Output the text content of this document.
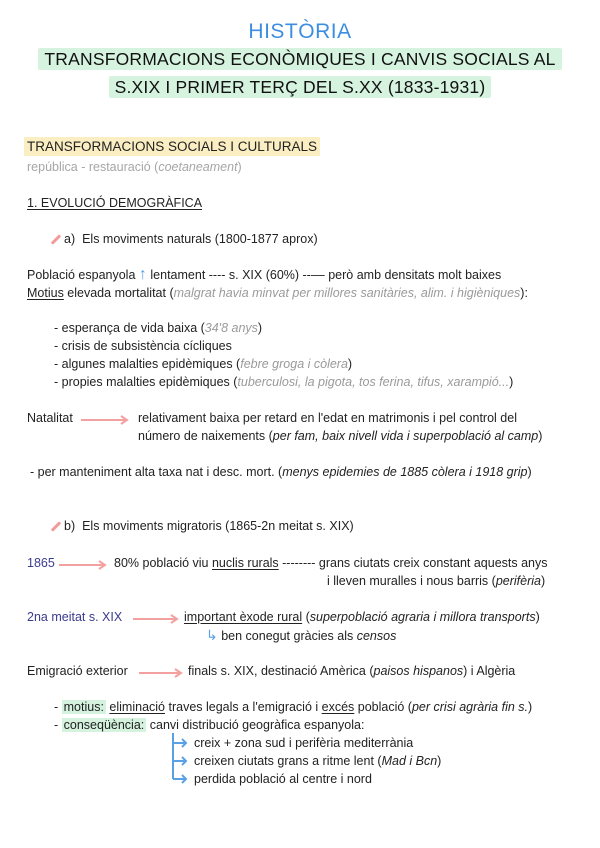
HISTÒRIA
TRANSFORMACIONS ECONÒMIQUES I CANVIS SOCIALS AL
S.XIX I PRIMER TERÇ DEL S.XX (1833-1931)
TRANSFORMACIONS SOCIALS I CULTURALS
república - restauració (coetaneament)
1. EVOLUCIÓ DEMOGRÀFICA
a) Els moviments naturals (1800-1877 aprox)
Població espanyola ↑ lentament ---- s. XIX (60%) --–– però amb densitats molt baixes
Motius elevada mortalitat (malgrat havia minvat per millores sanitàries, alim. i higièniques):
- esperança de vida baixa (34'8 anys)
- crisis de subsistència cícliques
- algunes malalties epidèmiques (febre groga i còlera)
- propies malalties epidèmiques (tuberculosi, la pigota, tos ferina, tifus, xarampió...)
Natalitat	relativament baixa per retard en l'edat en matrimonis i pel control del
número de naixements (per fam, baix nivell vida i superpoblació al camp)
- per manteniment alta taxa nat i desc. mort. (menys epidemies de 1885 còlera i 1918 grip)
b) Els moviments migratoris (1865-2n meitat s. XIX)
1865	80% població viu nuclis rurals -------- grans ciutats creix constant aquests anys
i lleven muralles i nous barris (perifèria)
2na meitat s. XIX	important èxode rural (superpoblació agraria i millora transports)
↳ ben conegut gràcies als censos
Emigració exterior	finals s. XIX, destinació Amèrica (paisos hispanos) i Algèria
- motius: eliminació traves legals a l'emigració i excés població (per crisi agrària fin s.)
- conseqüència: canvi distribució geogràfica espanyola:
creix + zona sud i perifèria mediterrània
creixen ciutats grans a ritme lent (Mad i Bcn)
perdida població al centre i nord
